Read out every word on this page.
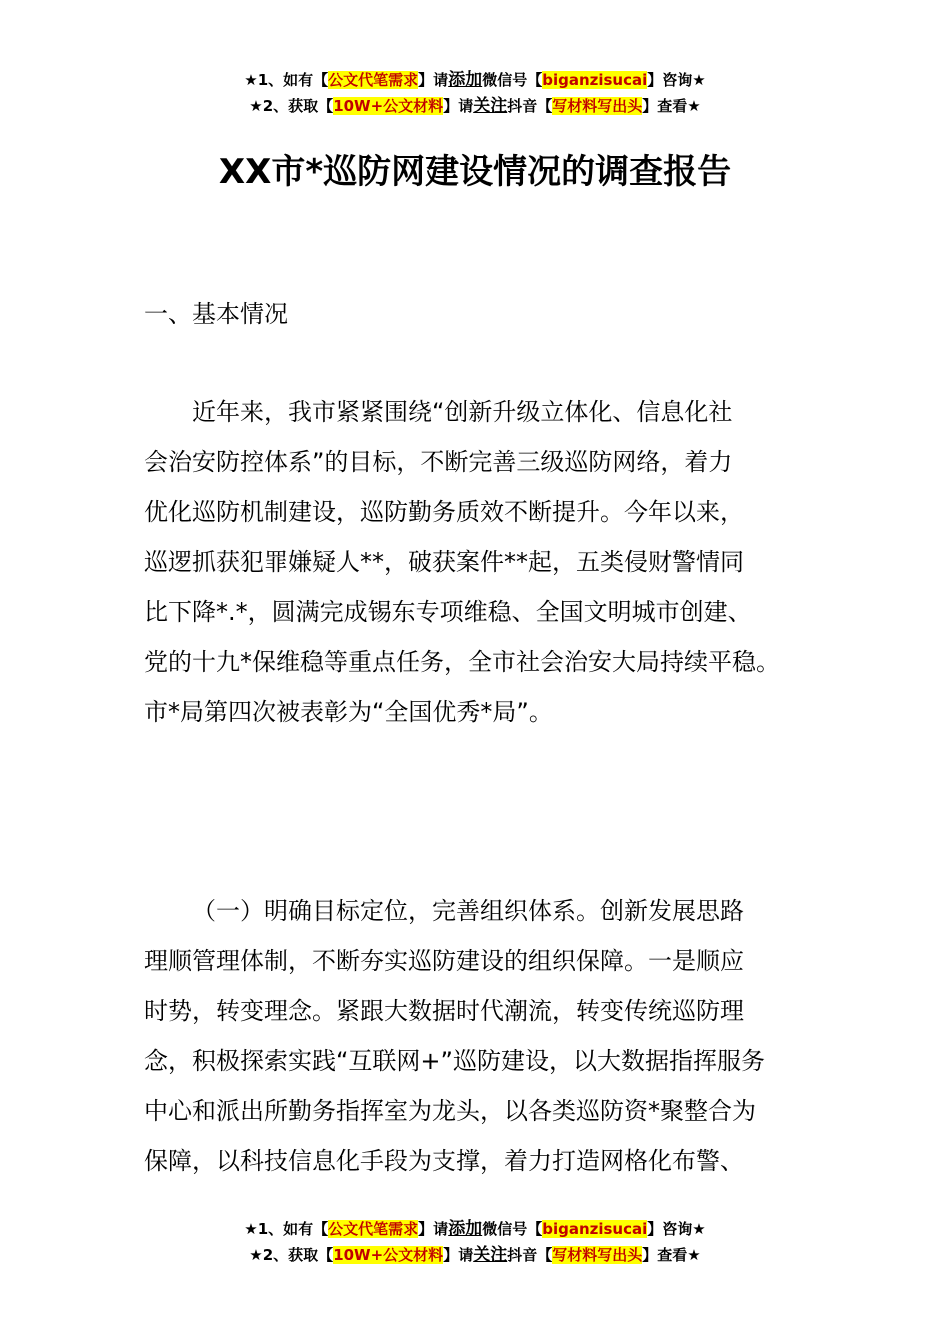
★1、如有【公文代笔需求】请添加微信号【biganzisucai】咨询★
★2、获取【10W+公文材料】请关注抖音【写材料写出头】查看★
XX市*巡防网建设情况的调查报告
一、基本情况
近年来，我市紧紧围绕“创新升级立体化、信息化社
会治安防控体系”的目标，不断完善三级巡防网络，着力
优化巡防机制建设，巡防勤务质效不断提升。今年以来，
巡逻抓获犯罪嫌疑人**，破获案件**起，五类侵财警情同
比下降*.*，圆满完成锡东专项维稳、全国文明城市创建、
党的十九*保维稳等重点任务，全市社会治安大局持续平稳。
市*局第四次被表彰为“全国优秀*局”。
（一）明确目标定位，完善组织体系。创新发展思路
理顺管理体制，不断夯实巡防建设的组织保障。一是顺应
时势，转变理念。紧跟大数据时代潮流，转变传统巡防理
念，积极探索实践“互联网+”巡防建设，以大数据指挥服务
中心和派出所勤务指挥室为龙头，以各类巡防资*聚整合为
保障，以科技信息化手段为支撑，着力打造网格化布警、
★1、如有【公文代笔需求】请添加微信号【biganzisucai】咨询★
★2、获取【10W+公文材料】请关注抖音【写材料写出头】查看★
